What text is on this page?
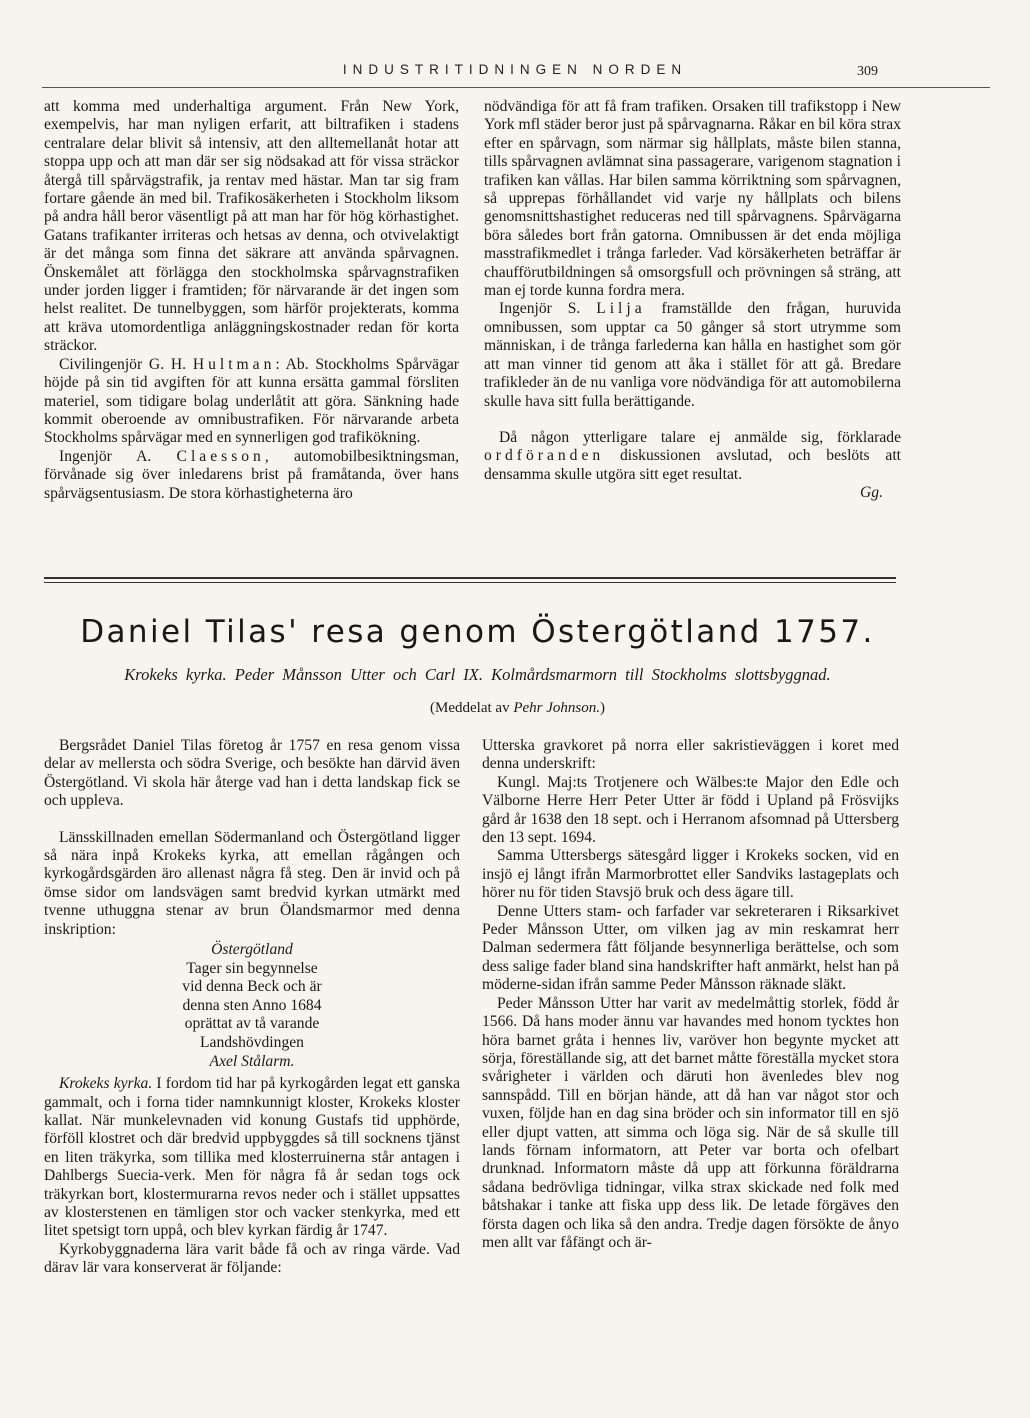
INDUSTRITIDNINGEN NORDEN	309

att komma med underhaltiga argument. Från New York, exempelvis, har man nyligen erfarit, att biltrafiken i stadens centralare delar blivit så intensiv, att den alltemellanåt hotar att stoppa upp och att man där ser sig nödsakad att för vissa sträckor återgå till spårvägstrafik, ja rentav med hästar. Man tar sig fram fortare gående än med bil. Trafikosäkerheten i Stockholm liksom på andra håll beror väsentligt på att man har för hög körhastighet. Gatans trafikanter irriteras och hetsas av denna, och otvivelaktigt är det många som finna det säkrare att använda spårvagnen. Önskemålet att förlägga den stockholmska spårvagnstrafiken under jorden ligger i framtiden; för närvarande är det ingen som helst realitet. De tunnelbyggen, som härför projekterats, komma att kräva utomordentliga anläggningskostnader redan för korta sträckor.

Civilingenjör G. H. Hultman: Ab. Stockholms Spårvägar höjde på sin tid avgiften för att kunna ersätta gammal försliten materiel, som tidigare bolag underlåtit att göra. Sänkning hade kommit oberoende av omnibustrafiken. För närvarande arbeta Stockholms spårvägar med en synnerligen god trafikökning.

Ingenjör A. Claesson, automobilbesiktningsman, förvånade sig över inledarens brist på framåtanda, över hans spårvägsentusiasm. De stora körhastigheterna äro

nödvändiga för att få fram trafiken. Orsaken till trafikstopp i New York mfl städer beror just på spårvagnarna. Råkar en bil köra strax efter en spårvagn, som närmar sig hållplats, måste bilen stanna, tills spårvagnen avlämnat sina passagerare, varigenom stagnation i trafiken kan vållas. Har bilen samma körriktning som spårvagnen, så upprepas förhållandet vid varje ny hållplats och bilens genomsnittshastighet reduceras ned till spårvagnens. Spårvägarna böra således bort från gatorna. Omnibussen är det enda möjliga masstrafikmedlet i trånga farleder. Vad körsäkerheten beträffar är chaufförutbildningen så omsorgsfull och prövningen så sträng, att man ej torde kunna fordra mera.

Ingenjör S. Lilja framställde den frågan, huruvida omnibussen, som upptar ca 50 gånger så stort utrymme som människan, i de trånga farlederna kan hålla en hastighet som gör att man vinner tid genom att åka i stället för att gå. Bredare trafikleder än de nu vanliga vore nödvändiga för att automobilerna skulle hava sitt fulla berättigande.

Då någon ytterligare talare ej anmälde sig, förklarade ordföranden diskussionen avslutad, och beslöts att densamma skulle utgöra sitt eget resultat.

Gg.

Daniel Tilas' resa genom Östergötland 1757.
Krokeks kyrka. Peder Månsson Utter och Carl IX. Kolmårdsmarmorn till Stockholms slottsbyggnad.
(Meddelat av Pehr Johnson.)

Bergsrådet Daniel Tilas företog år 1757 en resa genom vissa delar av mellersta och södra Sverige, och besökte han därvid även Östergötland. Vi skola här återge vad han i detta landskap fick se och uppleva.

Länsskillnaden emellan Södermanland och Östergötland ligger så nära inpå Krokeks kyrka, att emellan rågången och kyrkogårdsgärden äro allenast några få steg. Den är invid och på ömse sidor om landsvägen samt bredvid kyrkan utmärkt med tvenne uthuggna stenar av brun Ölandsmarmor med denna inskription:

Östergötland
Tager sin begynnelse
vid denna Beck och är
denna sten Anno 1684
oprättat av tå varande
Landshövdingen
Axel Stålarm.

Krokeks kyrka. I fordom tid har på kyrkogården legat ett ganska gammalt, och i forna tider namnkunnigt kloster, Krokeks kloster kallat. När munkelevnaden vid konung Gustafs tid upphörde, förföll klostret och där bredvid uppbyggdes så till socknens tjänst en liten träkyrka, som tillika med klosterruinerna står antagen i Dahlbergs Suecia-verk. Men för några få år sedan togs ock träkyrkan bort, klostermurarna revos neder och i stället uppsattes av klosterstenen en tämligen stor och vacker stenkyrka, med ett litet spetsigt torn uppå, och blev kyrkan färdig år 1747.

Kyrkobyggnaderna lära varit både få och av ringa värde. Vad därav lär vara konserverat är följande:

Utterska gravkoret på norra eller sakristieväggen i koret med denna underskrift:

Kungl. Maj:ts Trotjenere och Wälbes:te Major den Edle och Välborne Herre Herr Peter Utter är född i Upland på Frösvijks gård år 1638 den 18 sept. och i Herranom afsomnad på Uttersberg den 13 sept. 1694.

Samma Uttersbergs sätesgård ligger i Krokeks socken, vid en insjö ej långt ifrån Marmorbrottet eller Sandviks lastageplats och hörer nu för tiden Stavsjö bruk och dess ägare till.

Denne Utters stam- och farfader var sekreteraren i Riksarkivet Peder Månsson Utter, om vilken jag av min reskamrat herr Dalman sedermera fått följande besynnerliga berättelse, och som dess salige fader bland sina handskrifter haft anmärkt, helst han på möderne-sidan ifrån samme Peder Månsson räknade släkt.

Peder Månsson Utter har varit av medelmåttig storlek, född år 1566. Då hans moder ännu var havandes med honom tycktes hon höra barnet gråta i hennes liv, varöver hon begynte mycket att sörja, föreställande sig, att det barnet måtte föreställa mycket stora svårigheter i världen och därutі hon ävenledes blev nog sannspådd. Till en början hände, att då han var något stor och vuxen, följde han en dag sina bröder och sin informator till en sjö eller djupt vatten, att simma och löga sig. När de så skulle till lands förnam informatorn, att Peter var borta och ofelbart drunknad. Informatorn måste då upp att förkunna föräldrarna sådana bedrövliga tidningar, vilka strax skickade ned folk med båtshakar i tanke att fiska upp dess lik. De letade förgäves den första dagen och lika så den andra. Tredje dagen försökte de ånyo men allt var fåfängt och är-
